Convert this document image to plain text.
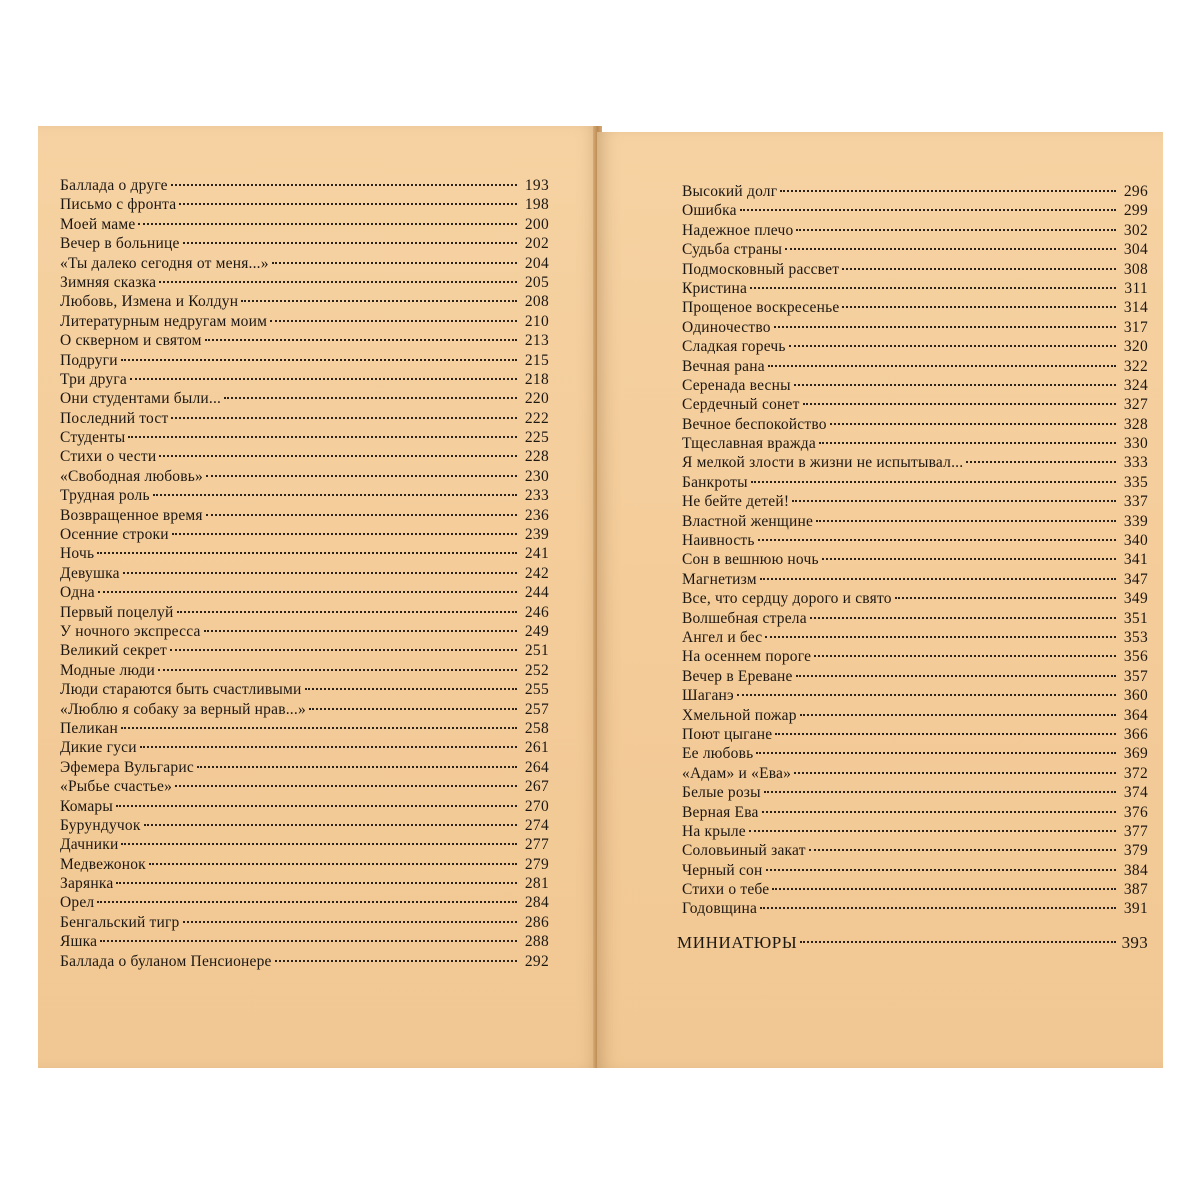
Баллада о друге	193
Письмо с фронта	198
Моей маме	200
Вечер в больнице	202
«Ты далеко сегодня от меня...»	204
Зимняя сказка	205
Любовь, Измена и Колдун	208
Литературным недругам моим	210
О скверном и святом	213
Подруги	215
Три друга	218
Они студентами были...	220
Последний тост	222
Студенты	225
Стихи о чести	228
«Свободная любовь»	230
Трудная роль	233
Возвращенное время	236
Осенние строки	239
Ночь	241
Девушка	242
Одна	244
Первый поцелуй	246
У ночного экспресса	249
Великий секрет	251
Модные люди	252
Люди стараются быть счастливыми	255
«Люблю я собаку за верный нрав...»	257
Пеликан	258
Дикие гуси	261
Эфемера Вульгарис	264
«Рыбье счастье»	267
Комары	270
Бурундучок	274
Дачники	277
Медвежонок	279
Зарянка	281
Орел	284
Бенгальский тигр	286
Яшка	288
Баллада о буланом Пенсионере	292
Высокий долг	296
Ошибка	299
Надежное плечо	302
Судьба страны	304
Подмосковный рассвет	308
Кристина	311
Прощеное воскресенье	314
Одиночество	317
Сладкая горечь	320
Вечная рана	322
Серенада весны	324
Сердечный сонет	327
Вечное беспокойство	328
Тщеславная вражда	330
Я мелкой злости в жизни не испытывал...	333
Банкроты	335
Не бейте детей!	337
Властной женщине	339
Наивность	340
Сон в вешнюю ночь	341
Магнетизм	347
Все, что сердцу дорого и свято	349
Волшебная стрела	351
Ангел и бес	353
На осеннем пороге	356
Вечер в Ереване	357
Шаганэ	360
Хмельной пожар	364
Поют цыгане	366
Ее любовь	369
«Адам» и «Ева»	372
Белые розы	374
Верная Ева	376
На крыле	377
Соловьиный закат	379
Черный сон	384
Стихи о тебе	387
Годовщина	391
МИНИАТЮРЫ	393
